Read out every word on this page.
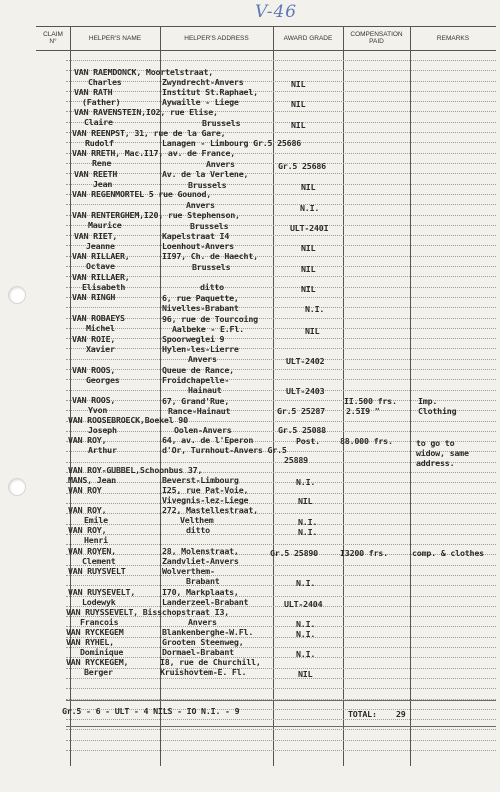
V-46
CLAIM
N°	HELPER'S NAME	HELPER'S ADDRESS	AWARD GRADE
COMPENSATION
PAID	REMARKS
VAN RAEMDONCK, Moortelstraat,
Charles	Zwyndrecht-Anvers	NIL
VAN RATH	Institut St.Raphael,
(Father)	Aywaille - Liege	NIL
VAN RAVENSTEIN,IO2, rue Elise,
Claire	Brussels	NIL
VAN REENPST, 31, rue de la Gare,
Rudolf	Lanagen - Limbourg Gr.5 25686
VAN RRETH, Mac.I17, av. de France,
Rene	Anvers	Gr.5 25686
VAN REETH	Av. de la Verlene,
Jean	Brussels	NIL
VAN REGENMORTEL 5 rue Gounod,
Anvers	N.I.
VAN RENTERGHEM,I20, rue Stephenson,
Maurice	Brussels	ULT-240I
VAN RIET,	Kapelstraat I4
Jeanne	Loenhout-Anvers	NIL
VAN RILLAER,	II97, Ch. de Haecht,
Octave	Brussels	NIL
VAN RILLAER,
Elisabeth	ditto	NIL
VAN RINGH	6, rue Paquette,
Nivelles-Brabant	N.I.
VAN ROBAEYS	96, rue de Tourcoing
Michel	Aalbeke - E.Fl.	NIL
VAN ROIE,	Spoorweglei 9
Xavier	Hylen-les-Lierre
Anvers	ULT-2402
VAN ROOS,	Queue de Rance,
Georges	Froidchapelle-
Hainaut	ULT-2403
VAN ROOS,	67, Grand'Rue,	II.500 frs.	Imp.
Yvon	Rance-Hainaut	Gr.5 25287	2.5I9 "	Clothing
VAN ROOSEBROECK,Boekel 90
Joseph	Oolen-Anvers	Gr.5 25088
VAN ROY,	64, av. de l'Eperon	Post. 88.000 frs.	to go to
Arthur	d'Or, Turnhout-Anvers Gr.5	widow, same
25889	address.
VAN ROY-GUBBEL,Schoonbus 37,
MANS, Jean	Beverst-Limbourg	N.I.
VAN ROY	I25, rue Pat-Voie,
Vivegnis-lez-Liege	NIL
VAN ROY,	272, Mastellestraat,
Emile	Velthem	N.I.
VAN ROY,	ditto	N.I.
Henri
VAN ROYEN,	28, Molenstraat,	Gr.5 25890	I3200 frs.	comp. & clothes
Clement	Zandvliet-Anvers
VAN RUYSVELT	Wolverthem-
Brabant	N.I.
VAN RUYSEVELT,	I70, Markplaats,
Lodewyk	Landerzeel-Brabant	ULT-2404
VAN RUYSSEVELT, Bisschopstraat I3,
Francois	Anvers	N.I.
VAN RYCKEGEM	Blankenberghe-W.Fl.	N.I.
VAN RYHEL,	Grooten Steenweg,
Dominique	Dormael-Brabant	N.I.
VAN RYCKEGEM,	I8, rue de Churchill,
Berger	Kruishovtem-E. Fl.	NIL
Gr.5 - 6 - ULT - 4 NILS - IO N.I. - 9	TOTAL: 29
